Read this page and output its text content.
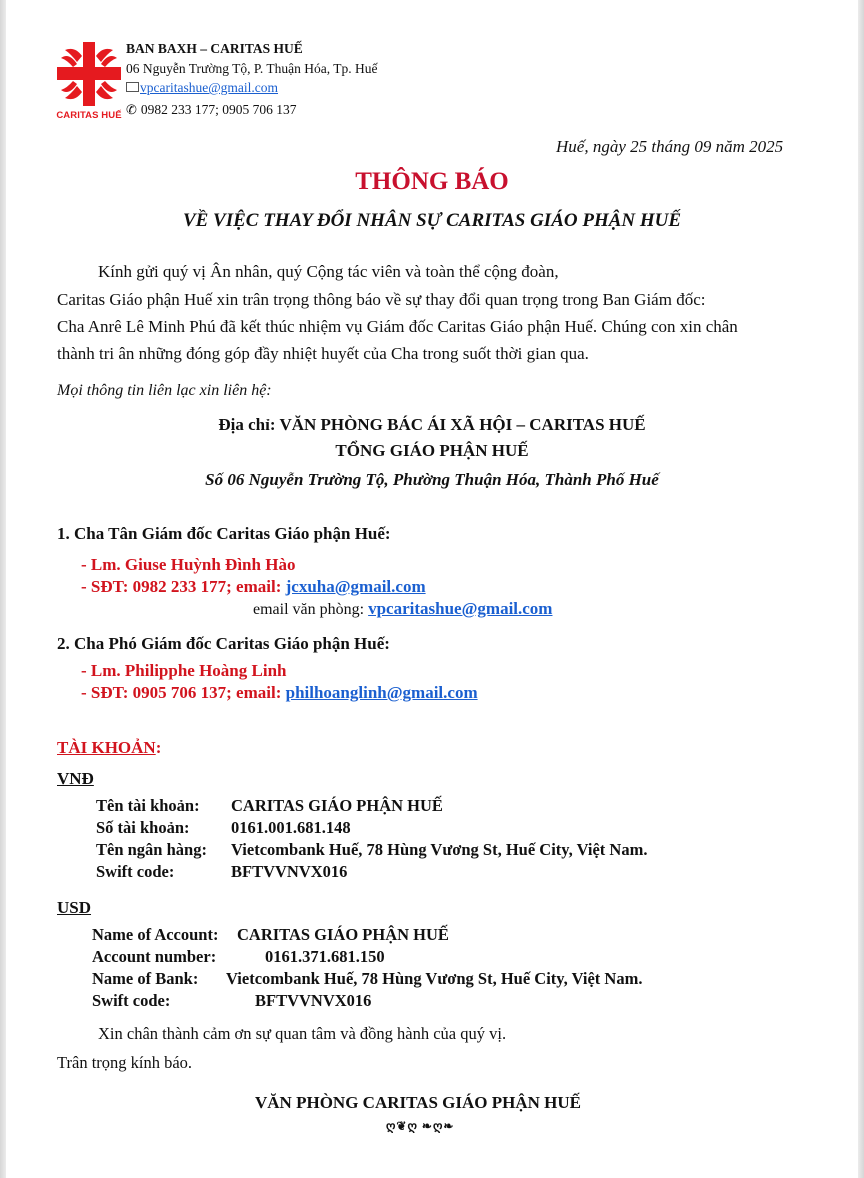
CARITAS HUẾ
BAN BAXH – CARITAS HUẾ
06 Nguyễn Trường Tộ, P. Thuận Hóa, Tp. Huế
vpcaritashue@gmail.com
✆ 0982 233 177; 0905 706 137
Huế, ngày 25 tháng 09 năm 2025
THÔNG BÁO
VỀ VIỆC THAY ĐỔI NHÂN SỰ CARITAS GIÁO PHẬN HUẾ
Kính gửi quý vị Ân nhân, quý Cộng tác viên và toàn thể cộng đoàn,
Caritas Giáo phận Huế xin trân trọng thông báo về sự thay đổi quan trọng trong Ban Giám đốc:
Cha Anrê Lê Minh Phú đã kết thúc nhiệm vụ Giám đốc Caritas Giáo phận Huế. Chúng con xin chân
thành tri ân những đóng góp đầy nhiệt huyết của Cha trong suốt thời gian qua.
Mọi thông tin liên lạc xin liên hệ:
Địa chỉ: VĂN PHÒNG BÁC ÁI XÃ HỘI – CARITAS HUẾ
TỔNG GIÁO PHẬN HUẾ
Số 06 Nguyễn Trường Tộ, Phường Thuận Hóa, Thành Phố Huế
1. Cha Tân Giám đốc Caritas Giáo phận Huế:
- Lm. Giuse Huỳnh Đình Hào
- SĐT: 0982 233 177; email: jcxuha@gmail.com
email văn phòng: vpcaritashue@gmail.com
2. Cha Phó Giám đốc Caritas Giáo phận Huế:
- Lm. Philipphe Hoàng Linh
- SĐT: 0905 706 137; email: philhoanglinh@gmail.com
TÀI KHOẢN:
VNĐ
Tên tài khoản: CARITAS GIÁO PHẬN HUẾ
Số tài khoản:	0161.001.681.148
Tên ngân hàng: Vietcombank Huế, 78 Hùng Vương St, Huế City, Việt Nam.
Swift code:	BFTVVNVX016
USD
Name of Account: CARITAS GIÁO PHẬN HUẾ
Account number:	0161.371.681.150
Name of Bank: Vietcombank Huế, 78 Hùng Vương St, Huế City, Việt Nam.
Swift code:	BFTVVNVX016
Xin chân thành cảm ơn sự quan tâm và đồng hành của quý vị.
Trân trọng kính báo.
VĂN PHÒNG CARITAS GIÁO PHẬN HUẾ
ღ❦ღ ❧ღ❧
